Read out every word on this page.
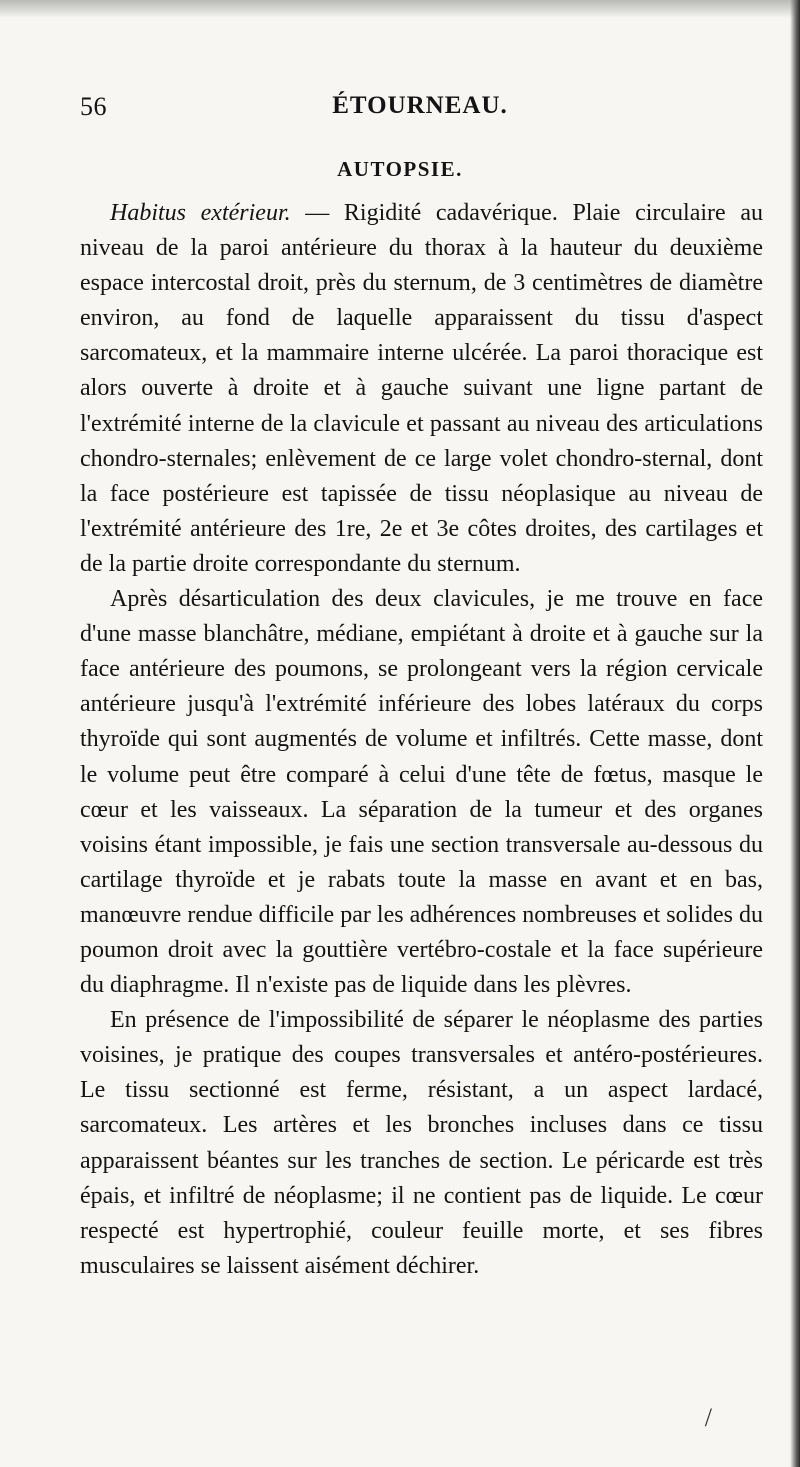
56	ÉTOURNEAU.
AUTOPSIE.

Habitus extérieur. — Rigidité cadavérique. Plaie circulaire au niveau de la paroi antérieure du thorax à la hauteur du deuxième espace intercostal droit, près du sternum, de 3 centimètres de diamètre environ, au fond de laquelle apparaissent du tissu d'aspect sarcomateux, et la mammaire interne ulcérée. La paroi thoracique est alors ouverte à droite et à gauche suivant une ligne partant de l'extrémité interne de la clavicule et passant au niveau des articulations chondro-sternales; enlèvement de ce large volet chondro-sternal, dont la face postérieure est tapissée de tissu néoplasique au niveau de l'extrémité antérieure des 1re, 2e et 3e côtes droites, des cartilages et de la partie droite correspondante du sternum.

Après désarticulation des deux clavicules, je me trouve en face d'une masse blanchâtre, médiane, empiétant à droite et à gauche sur la face antérieure des poumons, se prolongeant vers la région cervicale antérieure jusqu'à l'extrémité inférieure des lobes latéraux du corps thyroïde qui sont augmentés de volume et infiltrés. Cette masse, dont le volume peut être comparé à celui d'une tête de fœtus, masque le cœur et les vaisseaux. La séparation de la tumeur et des organes voisins étant impossible, je fais une section transversale au-dessous du cartilage thyroïde et je rabats toute la masse en avant et en bas, manœuvre rendue difficile par les adhérences nombreuses et solides du poumon droit avec la gouttière vertébro-costale et la face supérieure du diaphragme. Il n'existe pas de liquide dans les plèvres.

En présence de l'impossibilité de séparer le néoplasme des parties voisines, je pratique des coupes transversales et antéro-postérieures. Le tissu sectionné est ferme, résistant, a un aspect lardacé, sarcomateux. Les artères et les bronches incluses dans ce tissu apparaissent béantes sur les tranches de section. Le péricarde est très épais, et infiltré de néoplasme; il ne contient pas de liquide. Le cœur respecté est hypertrophié, couleur feuille morte, et ses fibres musculaires se laissent aisément déchirer.

/
